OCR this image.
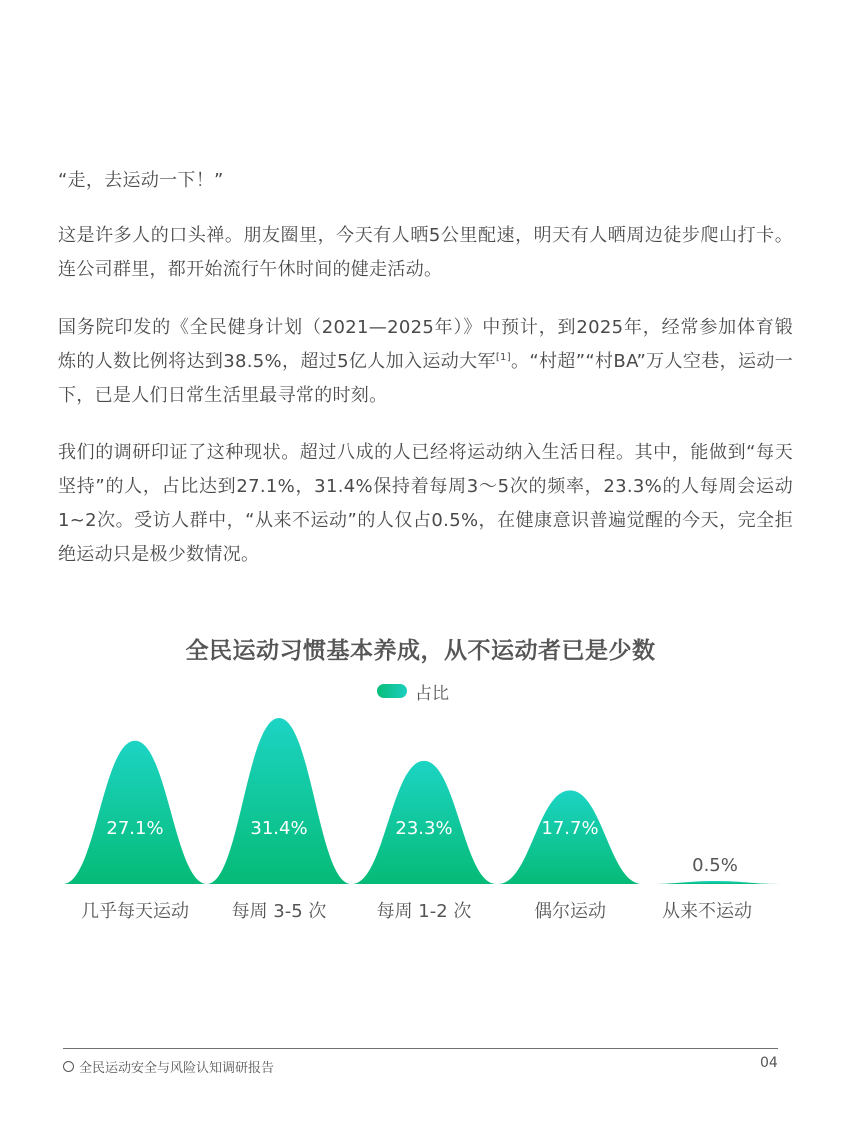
“走，去运动一下！”

这是许多人的口头禅。朋友圈里，今天有人晒5公里配速，明天有人晒周边徒步爬山打卡。连公司群里，都开始流行午休时间的健走活动。

国务院印发的《全民健身计划（2021—2025年）》中预计，到2025年，经常参加体育锻炼的人数比例将达到38.5%，超过5亿人加入运动大军[1]。“村超”“村BA”万人空巷，运动一下，已是人们日常生活里最寻常的时刻。

我们的调研印证了这种现状。超过八成的人已经将运动纳入生活日程。其中，能做到“每天坚持”的人，占比达到27.1%，31.4%保持着每周3～5次的频率，23.3%的人每周会运动1~2次。受访人群中，“从来不运动”的人仅占0.5%，在健康意识普遍觉醒的今天，完全拒绝运动只是极少数情况。

全民运动习惯基本养成，从不运动者已是少数
占比
27.1%
几乎每天运动
31.4%
每周 3-5 次
23.3%
每周 1-2 次
17.7%
偶尔运动
0.5%
从来不运动
全民运动安全与风险认知调研报告	04
